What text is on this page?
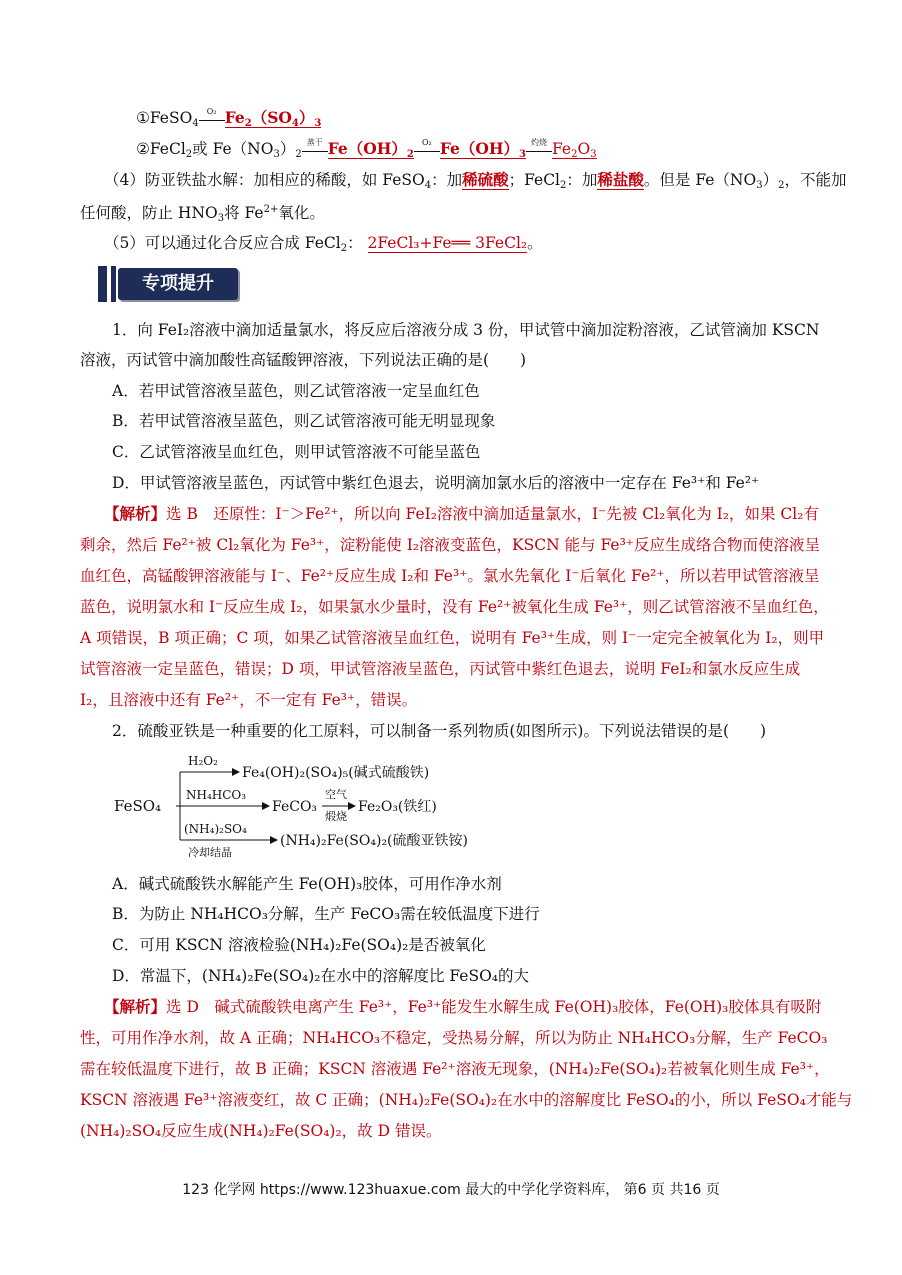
①FeSO$_4$
O₂ $Fe_2(SO_4)_3$
②FeCl$_2$或 $Fe(NO_3)_2$
蒸干 $Fe(OH)_2$
O₂ $Fe(OH)_3$
灼烧 $Fe_2O_3$
（4）防亚铁盐水解：加相应的稀酸，如 FeSO$_4$：加稀硫酸；FeCl$_2$：加稀盐酸。但是 $Fe(NO_3)_2$，不能加
任何酸，防止 $HNO_3$将 $Fe^{2+}$氧化。
（5）可以通过化合反应合成 FeCl$_2$： 2FeCl₃+Fe══ 3FeCl₂。
专项提升
1．向 FeI₂溶液中滴加适量氯水，将反应后溶液分成 3 份，甲试管中滴加淀粉溶液，乙试管滴加 KSCN
溶液，丙试管中滴加酸性高锰酸钾溶液，下列说法正确的是(　　)
A．若甲试管溶液呈蓝色，则乙试管溶液一定呈血红色
B．若甲试管溶液呈蓝色，则乙试管溶液可能无明显现象
C．乙试管溶液呈血红色，则甲试管溶液不可能呈蓝色
D．甲试管溶液呈蓝色，丙试管中紫红色退去，说明滴加氯水后的溶液中一定存在 Fe³⁺和 Fe²⁺
【解析】选 B　还原性：I⁻＞Fe²⁺，所以向 FeI₂溶液中滴加适量氯水，I⁻先被 Cl₂氧化为 I₂，如果 Cl₂有
剩余，然后 Fe²⁺被 Cl₂氧化为 Fe³⁺，淀粉能使 I₂溶液变蓝色，KSCN 能与 Fe³⁺反应生成络合物而使溶液呈
血红色，高锰酸钾溶液能与 I⁻、Fe²⁺反应生成 I₂和 Fe³⁺。氯水先氧化 I⁻后氧化 Fe²⁺，所以若甲试管溶液呈
蓝色，说明氯水和 I⁻反应生成 I₂，如果氯水少量时，没有 Fe²⁺被氧化生成 Fe³⁺，则乙试管溶液不呈血红色，
A 项错误，B 项正确；C 项，如果乙试管溶液呈血红色，说明有 Fe³⁺生成，则 I⁻一定完全被氧化为 I₂，则甲
试管溶液一定呈蓝色，错误；D 项，甲试管溶液呈蓝色，丙试管中紫红色退去，说明 FeI₂和氯水反应生成
I₂，且溶液中还有 Fe²⁺，不一定有 Fe³⁺，错误。
2．硫酸亚铁是一种重要的化工原料，可以制备一系列物质(如图所示)。下列说法错误的是(　　)
FeSO₄
H₂O₂
Fe₄(OH)₂(SO₄)₅(碱式硫酸铁)
NH₄HCO₃
FeCO₃
空气
煅烧
Fe₂O₃(铁红)
(NH₄)₂SO₄
冷却结晶
(NH₄)₂Fe(SO₄)₂(硫酸亚铁铵)
A．碱式硫酸铁水解能产生 Fe(OH)₃胶体，可用作净水剂
B．为防止 NH₄HCO₃分解，生产 FeCO₃需在较低温度下进行
C．可用 KSCN 溶液检验(NH₄)₂Fe(SO₄)₂是否被氧化
D．常温下，(NH₄)₂Fe(SO₄)₂在水中的溶解度比 FeSO₄的大
【解析】选 D　碱式硫酸铁电离产生 Fe³⁺，Fe³⁺能发生水解生成 Fe(OH)₃胶体，Fe(OH)₃胶体具有吸附
性，可用作净水剂，故 A 正确；NH₄HCO₃不稳定，受热易分解，所以为防止 NH₄HCO₃分解，生产 FeCO₃
需在较低温度下进行，故 B 正确；KSCN 溶液遇 Fe²⁺溶液无现象，(NH₄)₂Fe(SO₄)₂若被氧化则生成 Fe³⁺，
KSCN 溶液遇 Fe³⁺溶液变红，故 C 正确；(NH₄)₂Fe(SO₄)₂在水中的溶解度比 FeSO₄的小，所以 FeSO₄才能与
(NH₄)₂SO₄反应生成(NH₄)₂Fe(SO₄)₂，故 D 错误。
123 化学网 https://www.123huaxue.com 最大的中学化学资料库， 第6 页 共16 页
